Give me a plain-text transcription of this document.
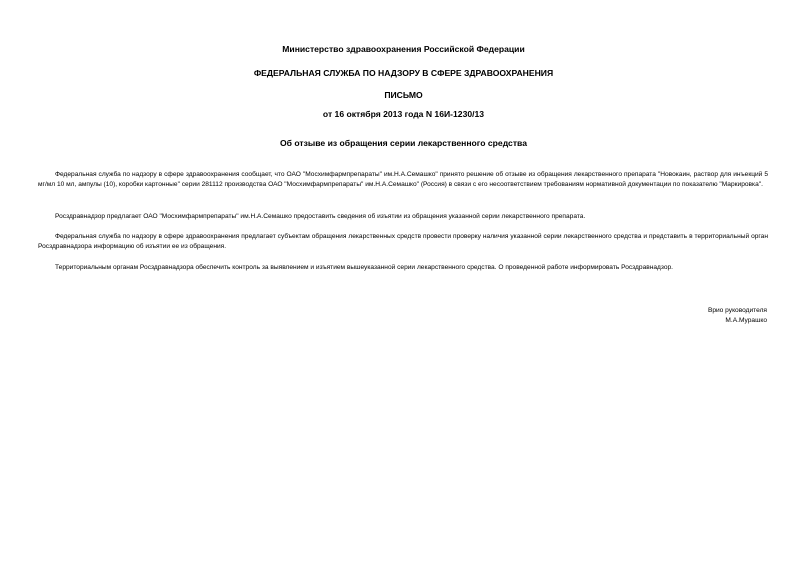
Министерство здравоохранения Российской Федерации
ФЕДЕРАЛЬНАЯ СЛУЖБА ПО НАДЗОРУ В СФЕРЕ ЗДРАВООХРАНЕНИЯ
ПИСЬМО
от 16 октября 2013 года N 16И-1230/13
Об отзыве из обращения серии лекарственного средства

Федеральная служба по надзору в сфере здравоохранения сообщает, что ОАО "Мосхимфармпрепараты" им.Н.А.Семашко" принято решение об отзыве из обращения лекарственного препарата "Новокаин, раствор для инъекций 5 мг/мл 10 мл, ампулы (10), коробки картонные" серии 281112 производства ОАО "Мосхимфармпрепараты" им.Н.А.Семашко" (Россия) в связи с его несоответствием требованиям нормативной документации по показателю "Маркировка".

Росздравнадзор предлагает ОАО "Мосхимфармпрепараты" им.Н.А.Семашко предоставить сведения об изъятии из обращения указанной серии лекарственного препарата.

Федеральная служба по надзору в сфере здравоохранения предлагает субъектам обращения лекарственных средств провести проверку наличия указанной серии лекарственного средства и представить в территориальный орган Росздравнадзора информацию об изъятии ее из обращения.

Территориальным органам Росздравнадзора обеспечить контроль за выявлением и изъятием вышеуказанной серии лекарственного средства. О проведенной работе информировать Росздравнадзор.

Врио руководителя
М.А.Мурашко
